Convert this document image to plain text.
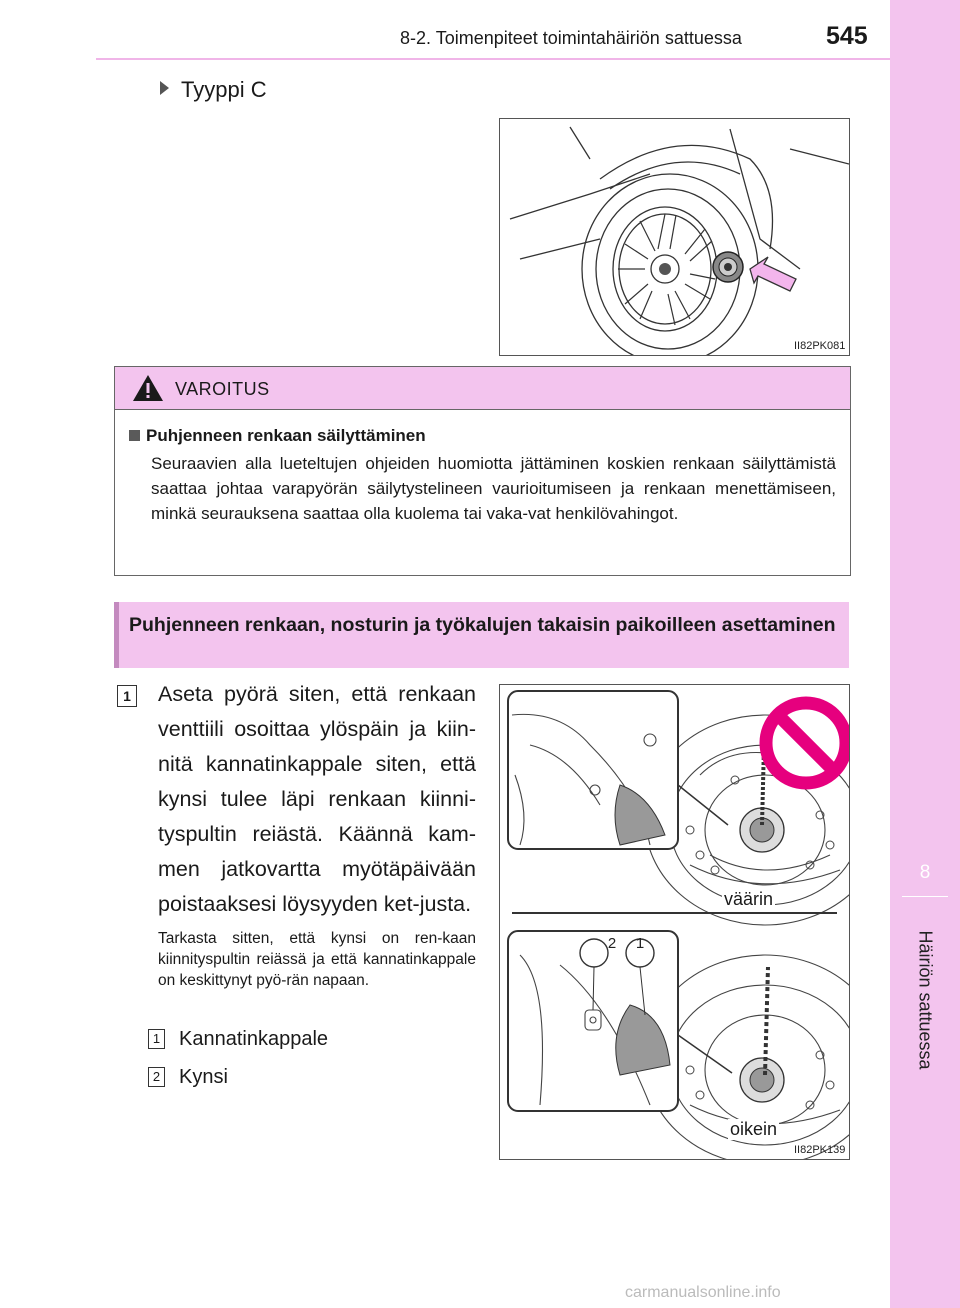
8-2. Toimenpiteet toimintahäiriön sattuessa	545
8
Häiriön sattuessa
Tyyppi C
II82PK081
VAROITUS
Puhjenneen renkaan säilyttäminen
Seuraavien alla lueteltujen ohjeiden huomiotta jättäminen koskien renkaan säilyttämistä saattaa johtaa varapyörän säilytystelineen vaurioitumiseen ja renkaan menettämiseen, minkä seurauksena saattaa olla kuolema tai vaka-vat henkilövahingot.
Puhjenneen renkaan, nosturin ja työkalujen takaisin paikoilleen asettaminen
1 Aseta pyörä siten, että renkaan venttiili osoittaa ylöspäin ja kiin-nitä kannatinkappale siten, että kynsi tulee läpi renkaan kiinni-tyspultin reiästä. Käännä kam-men jatkovartta myötäpäivään poistaaksesi löysyyden ket-justa.
Tarkasta sitten, että kynsi on ren-kaan kiinnityspultin reiässä ja että kannatinkappale on keskittynyt pyö-rän napaan.
1 Kannatinkappale
2 Kynsi
2	1
väärin
oikein
II82PK139
carmanualsonline.info
